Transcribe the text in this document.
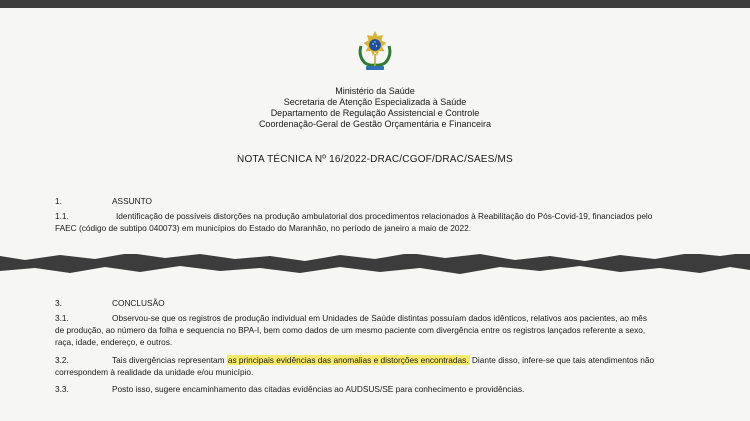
Ministério da Saúde
Secretaria de Atenção Especializada à Saúde
Departamento de Regulação Assistencial e Controle
Coordenação-Geral de Gestão Orçamentária e Financeira
NOTA TÉCNICA Nº 16/2022-DRAC/CGOF/DRAC/SAES/MS
1.	ASSUNTO
1.1.	Identificação de possíveis distorções na produção ambulatorial dos procedimentos relacionados à Reabilitação do Pós-Covid-19, financiados pelo
FAEC (código de subtipo 040073) em municípios do Estado do Maranhão, no período de janeiro a maio de 2022.
3.	CONCLUSÃO
3.1.	Observou-se que os registros de produção individual em Unidades de Saúde distintas possuíam dados idênticos, relativos aos pacientes, ao mês
de produção, ao número da folha e sequencia no BPA-I, bem como dados de um mesmo paciente com divergência entre os registros lançados referente a sexo,
raça, idade, endereço, e outros.
3.2.	Tais divergências representam as principais evidências das anomalias e distorções encontradas. Diante disso, infere-se que tais atendimentos não
correspondem à realidade da unidade e/ou município.
3.3.	Posto isso, sugere encaminhamento das citadas evidências ao AUDSUS/SE para conhecimento e providências.
